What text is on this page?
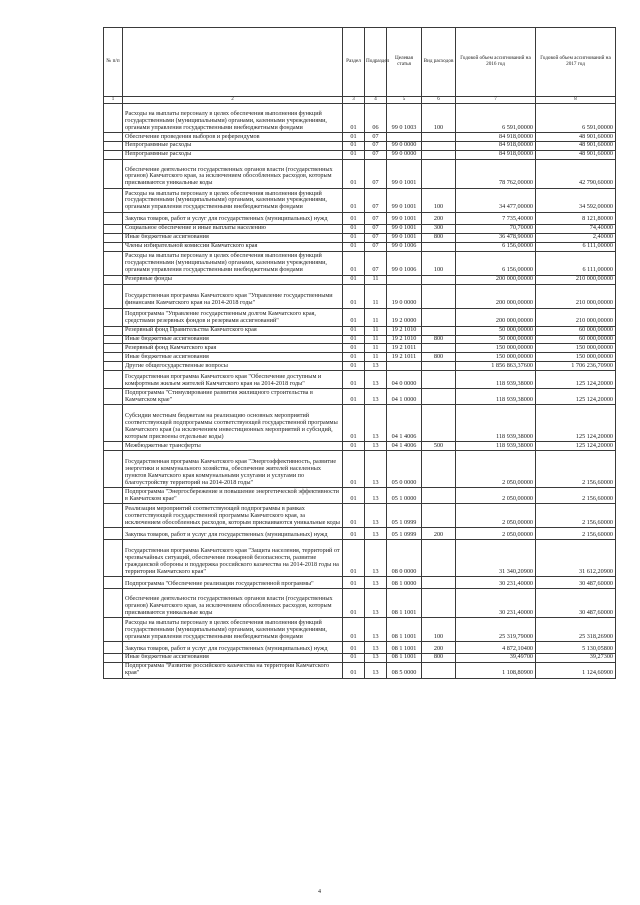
№ п/п		Раздел	Подраздел	Целевая статья	Вид расходов	Годовой объем ассигнований на 2016 год	Годовой объем ассигнований на 2017 год
1	2	3	4	5	6	7	8
	Расходы на выплаты персоналу в целях обеспечения выполнения функций государственными (муниципальными) органами, казенными учреждениями, органами управления государственными внебюджетными фондами	01	06	99 0 1003	100	6 591,00000	6 591,00000
	Обеспечение проведения выборов и референдумов	01	07			84 918,00000	48 901,60000
	Непрограммные расходы	01	07	99 0 0000		84 918,00000	48 901,60000
	Непрограммные расходы	01	07	99 0 0000		84 918,00000	48 901,60000
	Обеспечение деятельности государственных органов власти (государственных органов) Камчатского края, за исключением обособленных расходов, которым присваиваются уникальные коды	01	07	99 0 1001		78 762,00000	42 790,60000
	Расходы на выплаты персоналу в целях обеспечения выполнения функций государственными (муниципальными) органами, казенными учреждениями, органами управления государственными внебюджетными фондами	01	07	99 0 1001	100	34 477,00000	34 592,00000
	Закупка товаров, работ и услуг для государственных (муниципальных) нужд	01	07	99 0 1001	200	7 735,40000	8 121,80000
	Социальное обеспечение и иные выплаты населению	01	07	99 0 1001	300	70,70000	74,40000
	Иные бюджетные ассигнования	01	07	99 0 1001	800	36 478,90000	2,40000
	Члены избирательной комиссии Камчатского края	01	07	99 0 1006		6 156,00000	6 111,00000
	Расходы на выплаты персоналу в целях обеспечения выполнения функций государственными (муниципальными) органами, казенными учреждениями, органами управления государственными внебюджетными фондами	01	07	99 0 1006	100	6 156,00000	6 111,00000
	Резервные фонды	01	11			200 000,00000	210 000,00000
	Государственная программа Камчатского края "Управление государственными финансами Камчатского края на 2014-2018 годы"	01	11	19 0 0000		200 000,00000	210 000,00000
	Подпрограмма "Управление государственным долгом Камчатского края, средствами резервных фондов и резервами ассигнований"	01	11	19 2 0000		200 000,00000	210 000,00000
	Резервный фонд Правительства Камчатского края	01	11	19 2 1010		50 000,00000	60 000,00000
	Иные бюджетные ассигнования	01	11	19 2 1010	800	50 000,00000	60 000,00000
	Резервный фонд Камчатского края	01	11	19 2 1011		150 000,00000	150 000,00000
	Иные бюджетные ассигнования	01	11	19 2 1011	800	150 000,00000	150 000,00000
	Другие общегосударственные вопросы	01	13			1 856 863,37600	1 706 236,70900
	Государственная программа Камчатского края "Обеспечение доступным и комфортным жильем жителей Камчатского края на 2014-2018 годы"	01	13	04 0 0000		118 939,38000	125 124,20000
	Подпрограмма "Стимулирование развития жилищного строительства в Камчатском крае"	01	13	04 1 0000		118 939,38000	125 124,20000
	Субсидии местным бюджетам на реализацию основных мероприятий соответствующей подпрограммы соответствующей государственной программы Камчатского края (за исключением инвестиционных мероприятий и субсидий, которым присвоены отдельные коды)	01	13	04 1 4006		118 939,38000	125 124,20000
	Межбюджетные трансферты	01	13	04 1 4006	500	118 939,38000	125 124,20000
	Государственная программа Камчатского края "Энергоэффективность, развитие энергетики и коммунального хозяйства, обеспечение жителей населенных пунктов Камчатского края коммунальными услугами и услугами по благоустройству территорий на 2014-2018 годы"	01	13	05 0 0000		2 050,00000	2 156,60000
	Подпрограмма "Энергосбережение и повышение энергетической эффективности в Камчатском крае"	01	13	05 1 0000		2 050,00000	2 156,60000
	Реализация мероприятий соответствующей подпрограммы в рамках соответствующей государственной программы Камчатского края, за исключением обособленных расходов, которым присваиваются уникальные коды	01	13	05 1 0999		2 050,00000	2 156,60000
	Закупка товаров, работ и услуг для государственных (муниципальных) нужд	01	13	05 1 0999	200	2 050,00000	2 156,60000
	Государственная программа Камчатского края "Защита населения, территорий от чрезвычайных ситуаций, обеспечение пожарной безопасности, развитие гражданской обороны и поддержка российского казачества на 2014-2018 годы на территории Камчатского края"	01	13	08 0 0000		31 340,20900	31 612,20900
	Подпрограмма "Обеспечение реализации государственной программы"	01	13	08 1 0000		30 231,40000	30 487,60000
	Обеспечение деятельности государственных органов власти (государственных органов) Камчатского края, за исключением обособленных расходов, которым присваиваются уникальные коды	01	13	08 1 1001		30 231,40000	30 487,60000
	Расходы на выплаты персоналу в целях обеспечения выполнения функций государственными (муниципальными) органами, казенными учреждениями, органами управления государственными внебюджетными фондами	01	13	08 1 1001	100	25 319,79000	25 318,26900
	Закупка товаров, работ и услуг для государственных (муниципальных) нужд	01	13	08 1 1001	200	4 872,10400	5 130,05800
	Иные бюджетные ассигнования	01	13	08 1 1001	800	39,49700	39,27300
	Подпрограмма "Развитие российского казачества на территории Камчатского края"	01	13	08 5 0000		1 108,80900	1 124,60900
4
